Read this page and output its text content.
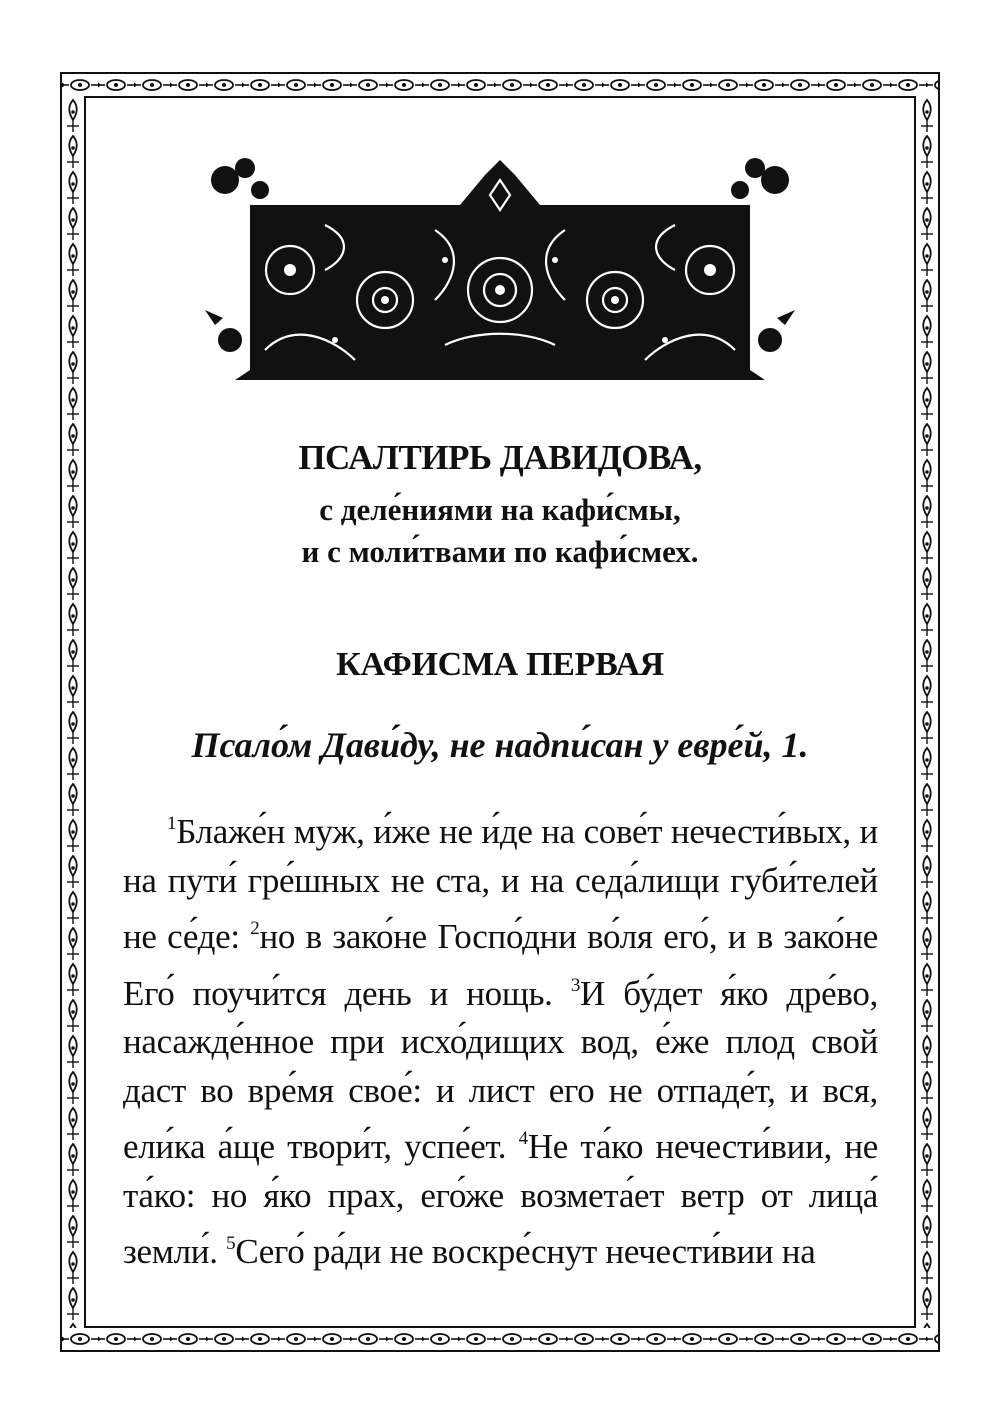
ПСАЛТИРЬ ДАВИДОВА,
с деле́ниями на кафи́смы,
и с моли́твами по кафи́смех.
КАФИСМА ПЕРВАЯ
Псало́м Дави́ду, не надпи́сан у евре́й, 1.
$^1$Блаже́н муж, и́же не и́де на сове́т нечести́вых, и на пути́ гре́шных не ста, и на седа́лищи губи́телей не се́де: $^2$но в зако́не Госпо́дни во́ля его́, и в зако́не Его́ поучи́тся день и нощь. $^3$И бу́дет я́ко дре́во, насажде́нное при исхо́дищих вод, е́же плод свой даст во вре́мя свое́: и лист его не отпаде́т, и вся, ели́ка а́ще твори́т, успе́ет. $^4$Не та́ко нечести́вии, не та́ко: но я́ко прах, его́же возмета́ет ветр от лица́ земли́. $^5$Сего́ ра́ди не воскре́снут нечести́вии на
